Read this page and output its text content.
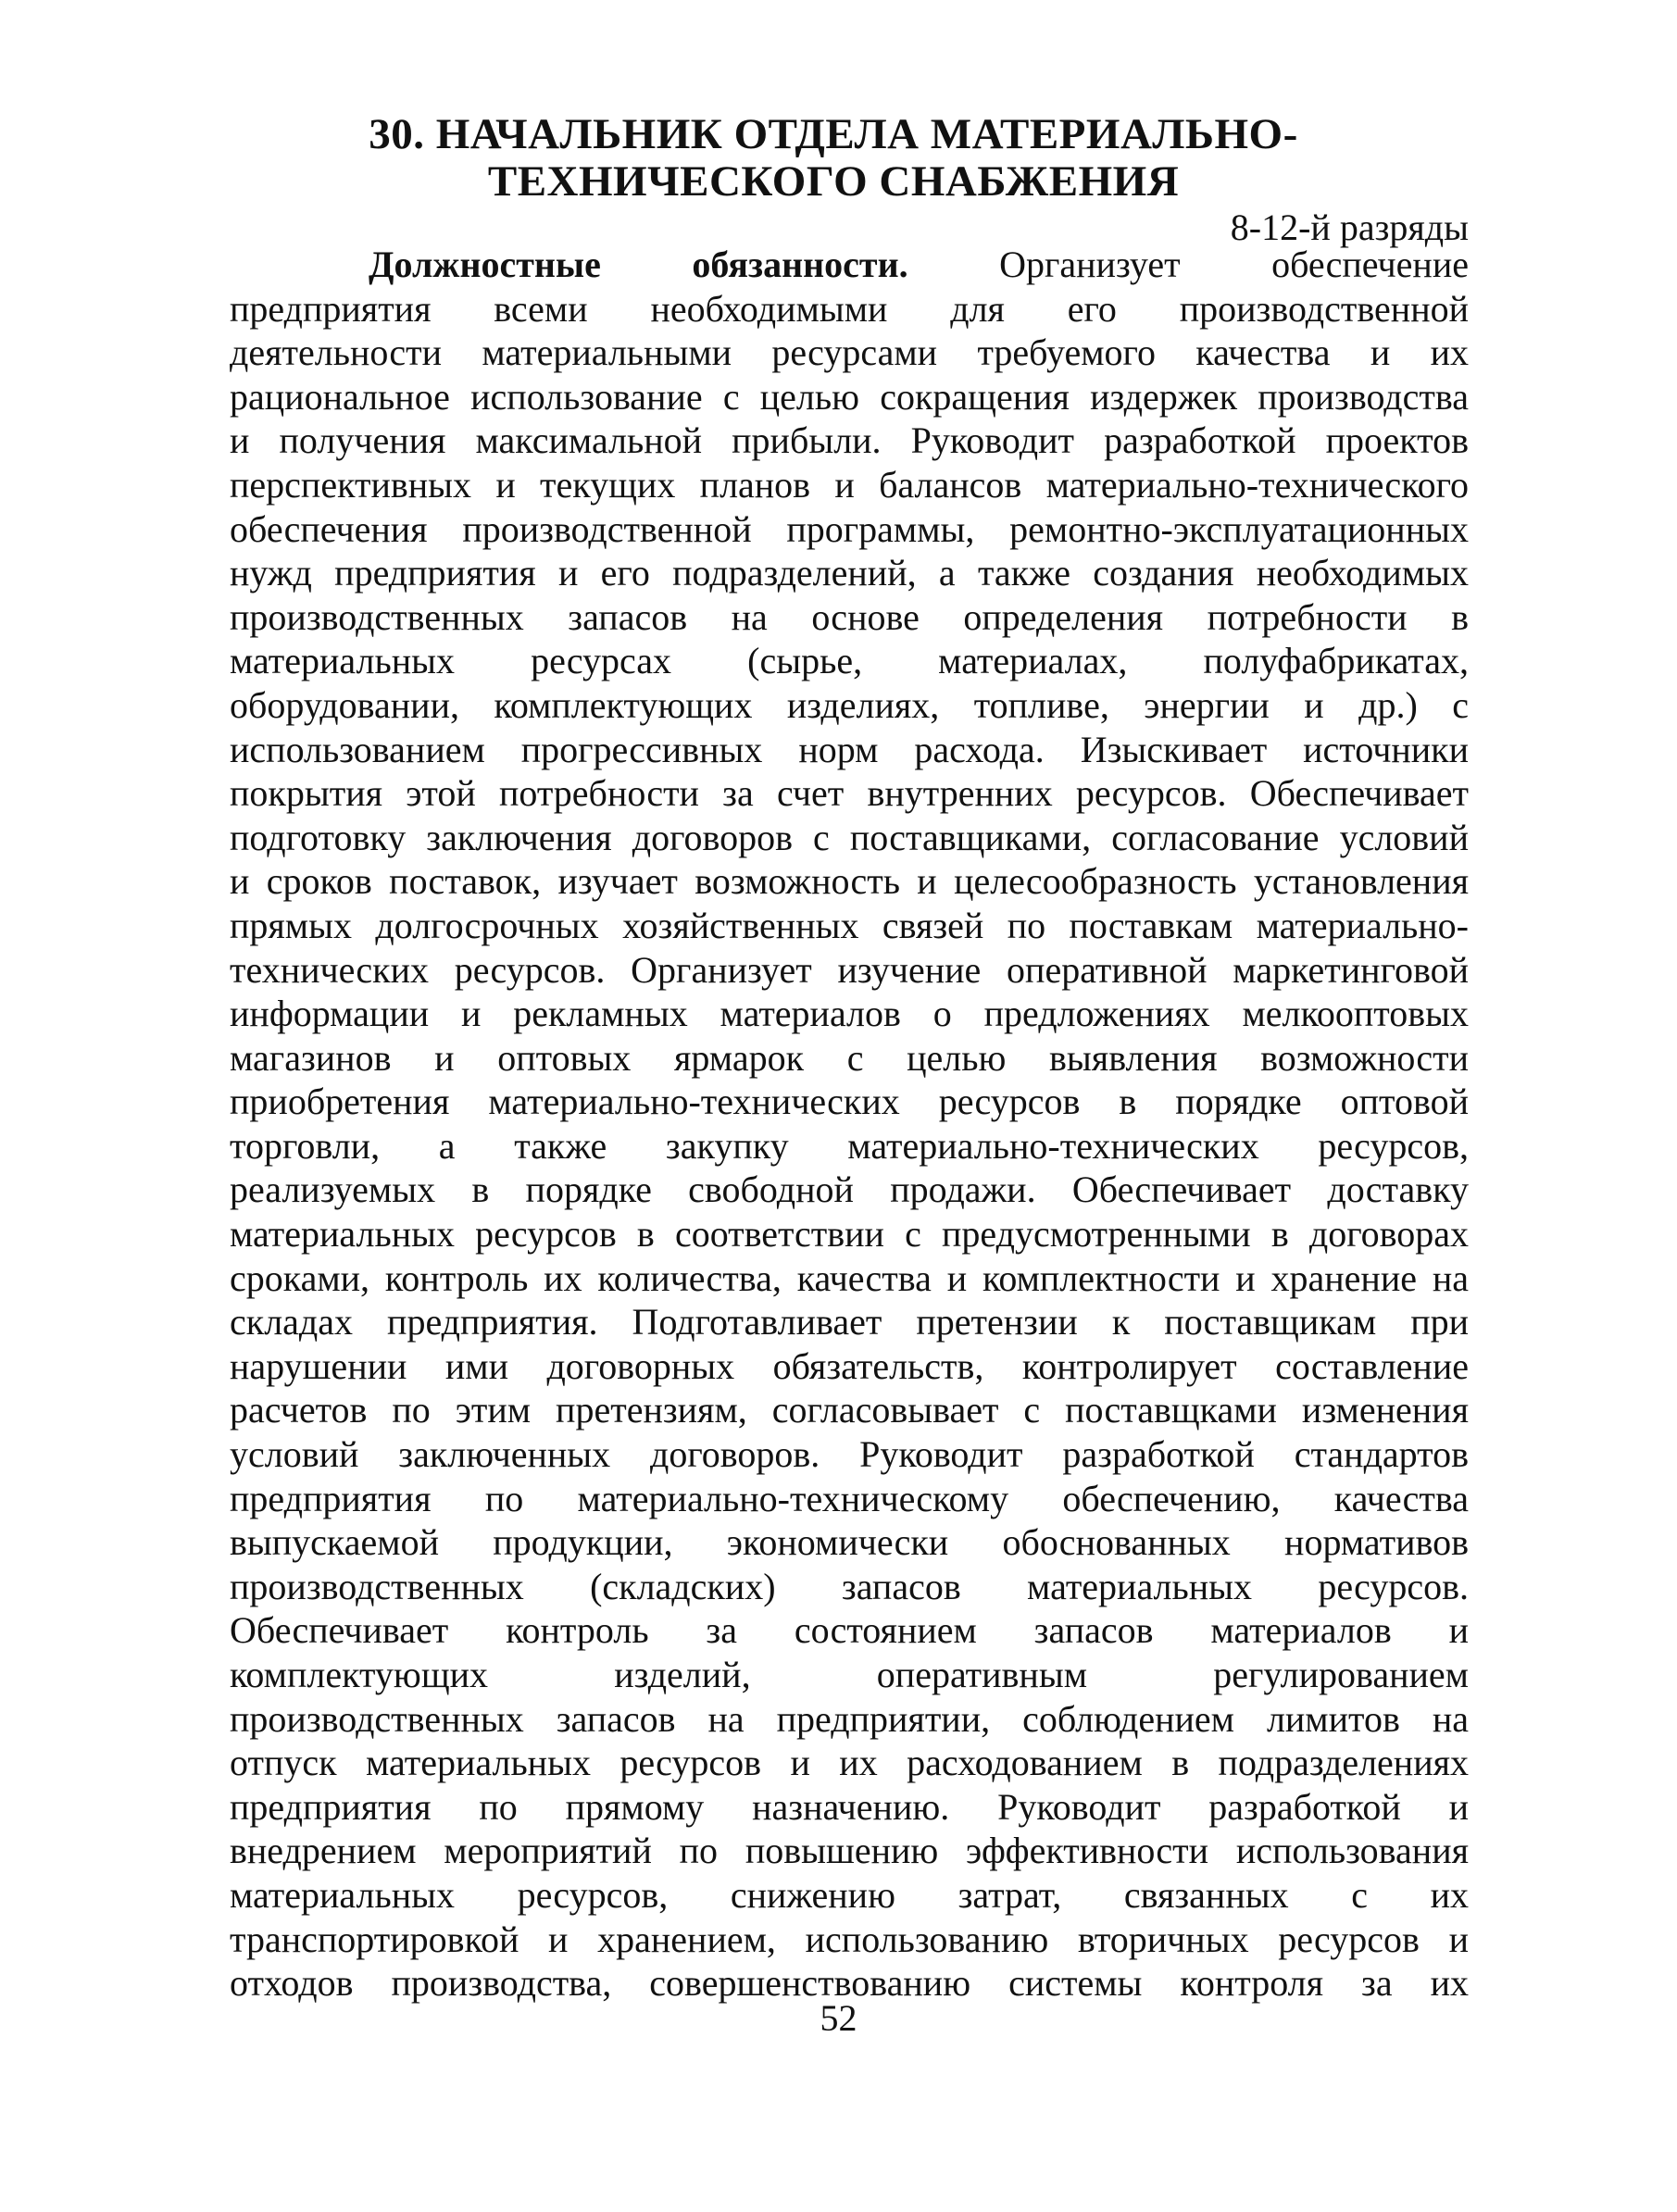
30. НАЧАЛЬНИК ОТДЕЛА МАТЕРИАЛЬНО-
ТЕХНИЧЕСКОГО СНАБЖЕНИЯ
8-12-й разряды
Должностные обязанности. Организует обеспечение
предприятия всеми необходимыми для его производственной
деятельности материальными ресурсами требуемого качества и их
рациональное использование с целью сокращения издержек производства
и получения максимальной прибыли. Руководит разработкой проектов
перспективных и текущих планов и балансов материально-технического
обеспечения производственной программы, ремонтно-эксплуатационных
нужд предприятия и его подразделений, а также создания необходимых
производственных запасов на основе определения потребности в
материальных ресурсах (сырье, материалах, полуфабрикатах,
оборудовании, комплектующих изделиях, топливе, энергии и др.) с
использованием прогрессивных норм расхода. Изыскивает источники
покрытия этой потребности за счет внутренних ресурсов. Обеспечивает
подготовку заключения договоров с поставщиками, согласование условий
и сроков поставок, изучает возможность и целесообразность установления
прямых долгосрочных хозяйственных связей по поставкам материально-
технических ресурсов. Организует изучение оперативной маркетинговой
информации и рекламных материалов о предложениях мелкооптовых
магазинов и оптовых ярмарок с целью выявления возможности
приобретения материально-технических ресурсов в порядке оптовой
торговли, а также закупку материально-технических ресурсов,
реализуемых в порядке свободной продажи. Обеспечивает доставку
материальных ресурсов в соответствии с предусмотренными в договорах
сроками, контроль их количества, качества и комплектности и хранение на
складах предприятия. Подготавливает претензии к поставщикам при
нарушении ими договорных обязательств, контролирует составление
расчетов по этим претензиям, согласовывает с поставщками изменения
условий заключенных договоров. Руководит разработкой стандартов
предприятия по материально-техническому обеспечению, качества
выпускаемой продукции, экономически обоснованных нормативов
производственных (складских) запасов материальных ресурсов.
Обеспечивает контроль за состоянием запасов материалов и
комплектующих изделий, оперативным регулированием
производственных запасов на предприятии, соблюдением лимитов на
отпуск материальных ресурсов и их расходованием в подразделениях
предприятия по прямому назначению. Руководит разработкой и
внедрением мероприятий по повышению эффективности использования
материальных ресурсов, снижению затрат, связанных с их
транспортировкой и хранением, использованию вторичных ресурсов и
отходов производства, совершенствованию системы контроля за их
52
